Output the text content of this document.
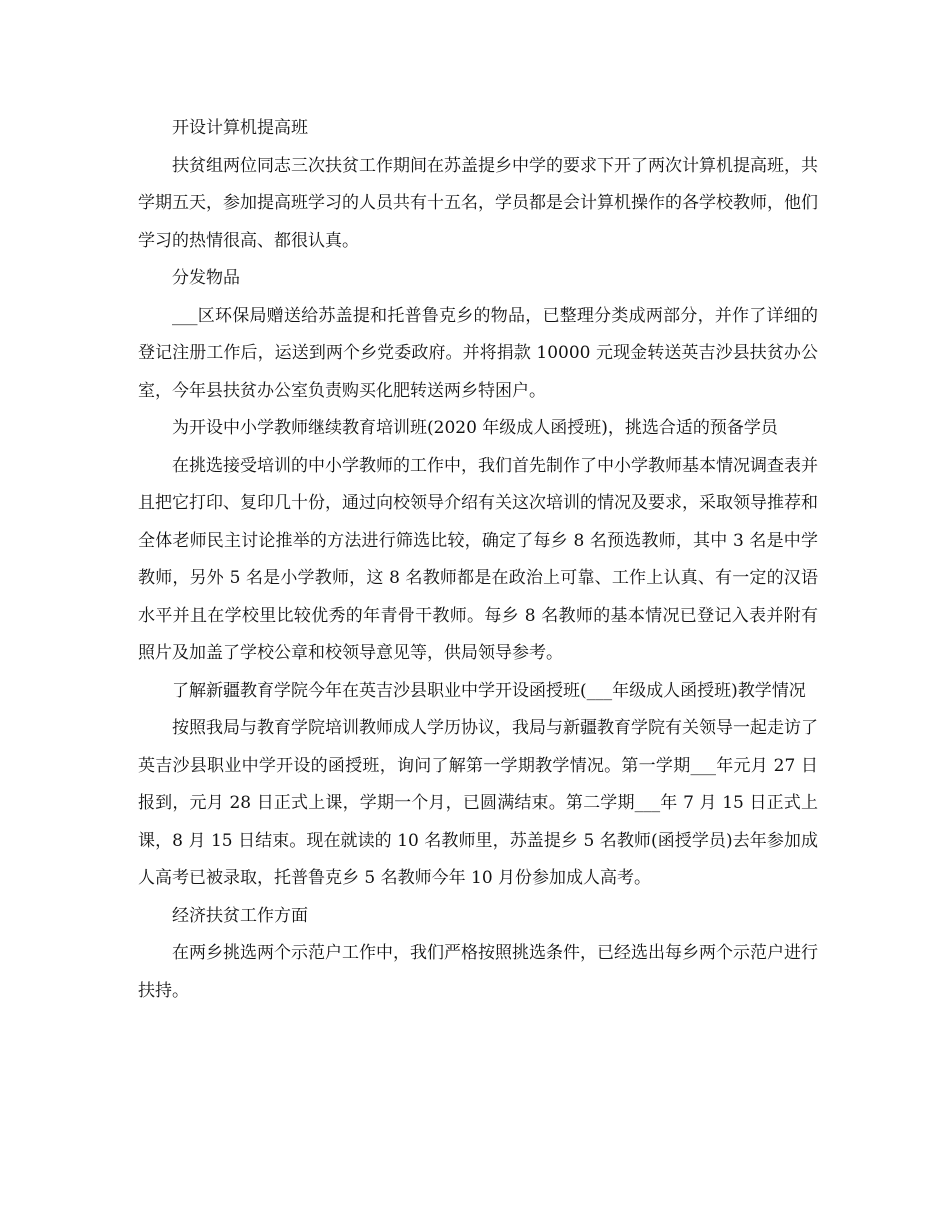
开设计算机提高班

扶贫组两位同志三次扶贫工作期间在苏盖提乡中学的要求下开了两次计算机提高班，共学期五天，参加提高班学习的人员共有十五名，学员都是会计算机操作的各学校教师，他们学习的热情很高、都很认真。

分发物品

___区环保局赠送给苏盖提和托普鲁克乡的物品，已整理分类成两部分，并作了详细的登记注册工作后，运送到两个乡党委政府。并将捐款 10000 元现金转送英吉沙县扶贫办公室，今年县扶贫办公室负责购买化肥转送两乡特困户。

为开设中小学教师继续教育培训班(2020 年级成人函授班)，挑选合适的预备学员

在挑选接受培训的中小学教师的工作中，我们首先制作了中小学教师基本情况调查表并且把它打印、复印几十份，通过向校领导介绍有关这次培训的情况及要求，采取领导推荐和全体老师民主讨论推举的方法进行筛选比较，确定了每乡 8 名预选教师，其中 3 名是中学教师，另外 5 名是小学教师，这 8 名教师都是在政治上可靠、工作上认真、有一定的汉语水平并且在学校里比较优秀的年青骨干教师。每乡 8 名教师的基本情况已登记入表并附有照片及加盖了学校公章和校领导意见等，供局领导参考。

了解新疆教育学院今年在英吉沙县职业中学开设函授班(___年级成人函授班)教学情况

按照我局与教育学院培训教师成人学历协议，我局与新疆教育学院有关领导一起走访了英吉沙县职业中学开设的函授班，询问了解第一学期教学情况。第一学期___年元月 27 日报到，元月 28 日正式上课，学期一个月，已圆满结束。第二学期___年 7 月 15 日正式上课，8 月 15 日结束。现在就读的 10 名教师里，苏盖提乡 5 名教师(函授学员)去年参加成人高考已被录取，托普鲁克乡 5 名教师今年 10 月份参加成人高考。

经济扶贫工作方面

在两乡挑选两个示范户工作中，我们严格按照挑选条件，已经选出每乡两个示范户进行扶持。
